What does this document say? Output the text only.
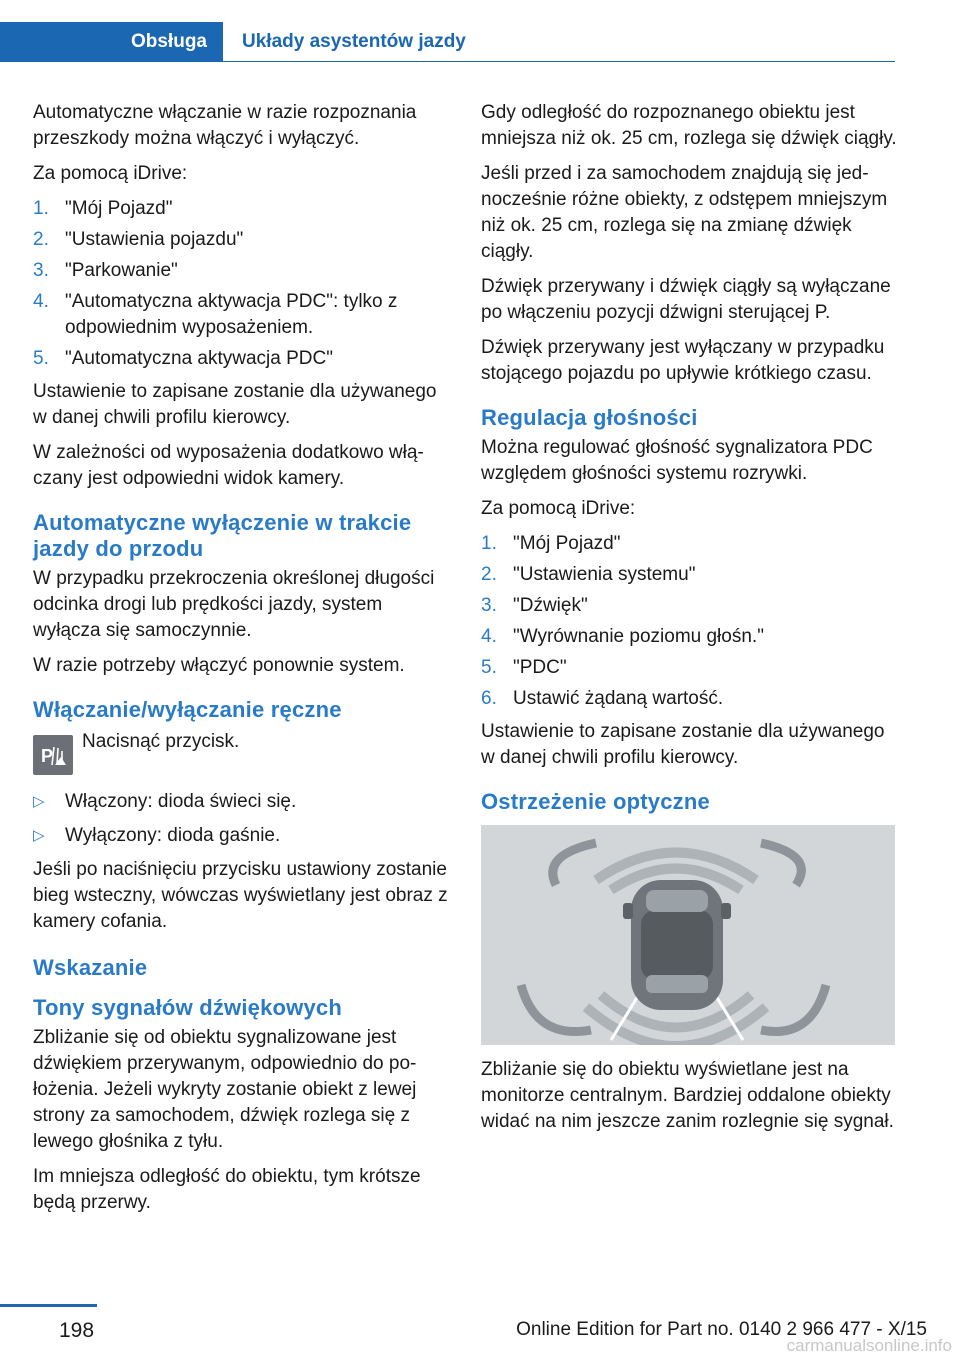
Obsługa	Układy asystentów jazdy

Automatyczne włączanie w razie rozpoznania przeszkody można włączyć i wyłączyć.

Za pomocą iDrive:

1. "Mój Pojazd"
2. "Ustawienia pojazdu"
3. "Parkowanie"
4. "Automatyczna aktywacja PDC": tylko z odpowiednim wyposażeniem.
5. "Automatyczna aktywacja PDC"

Ustawienie to zapisane zostanie dla używanego w danej chwili profilu kierowcy.

W zależności od wyposażenia dodatkowo włączany jest odpowiedni widok kamery.

Automatyczne wyłączenie w trakcie jazdy do przodu

W przypadku przekroczenia określonej długości odcinka drogi lub prędkości jazdy, system wyłącza się samoczynnie.

W razie potrzeby włączyć ponownie system.

Włączanie/wyłączanie ręczne
P
Nacisnąć przycisk.
▷ Włączony: dioda świeci się.
▷ Wyłączony: dioda gaśnie.

Jeśli po naciśnięciu przycisku ustawiony zostanie bieg wsteczny, wówczas wyświetlany jest obraz z kamery cofania.

Wskazanie
Tony sygnałów dźwiękowych

Zbliżanie się od obiektu sygnalizowane jest dźwiękiem przerywanym, odpowiednio do położenia. Jeżeli wykryty zostanie obiekt z lewej strony za samochodem, dźwięk rozlega się z lewego głośnika z tyłu.

Im mniejsza odległość do obiektu, tym krótsze będą przerwy.

Gdy odległość do rozpoznanego obiektu jest mniejsza niż ok. 25 cm, rozlega się dźwięk ciągły.

Jeśli przed i za samochodem znajdują się jednocześnie różne obiekty, z odstępem mniejszym niż ok. 25 cm, rozlega się na zmianę dźwięk ciągły.

Dźwięk przerywany i dźwięk ciągły są wyłączane po włączeniu pozycji dźwigni sterującej P.

Dźwięk przerywany jest wyłączany w przypadku stojącego pojazdu po upływie krótkiego czasu.

Regulacja głośności

Można regulować głośność sygnalizatora PDC względem głośności systemu rozrywki.

Za pomocą iDrive:

1. "Mój Pojazd"
2. "Ustawienia systemu"
3. "Dźwięk"
4. "Wyrównanie poziomu głośn."
5. "PDC"
6. Ustawić żądaną wartość.

Ustawienie to zapisane zostanie dla używanego w danej chwili profilu kierowcy.

Ostrzeżenie optyczne

Zbliżanie się do obiektu wyświetlane jest na monitorze centralnym. Bardziej oddalone obiekty widać na nim jeszcze zanim rozlegnie się sygnał.

198	Online Edition for Part no. 0140 2 966 477 - X/15
carmanualsonline.info
